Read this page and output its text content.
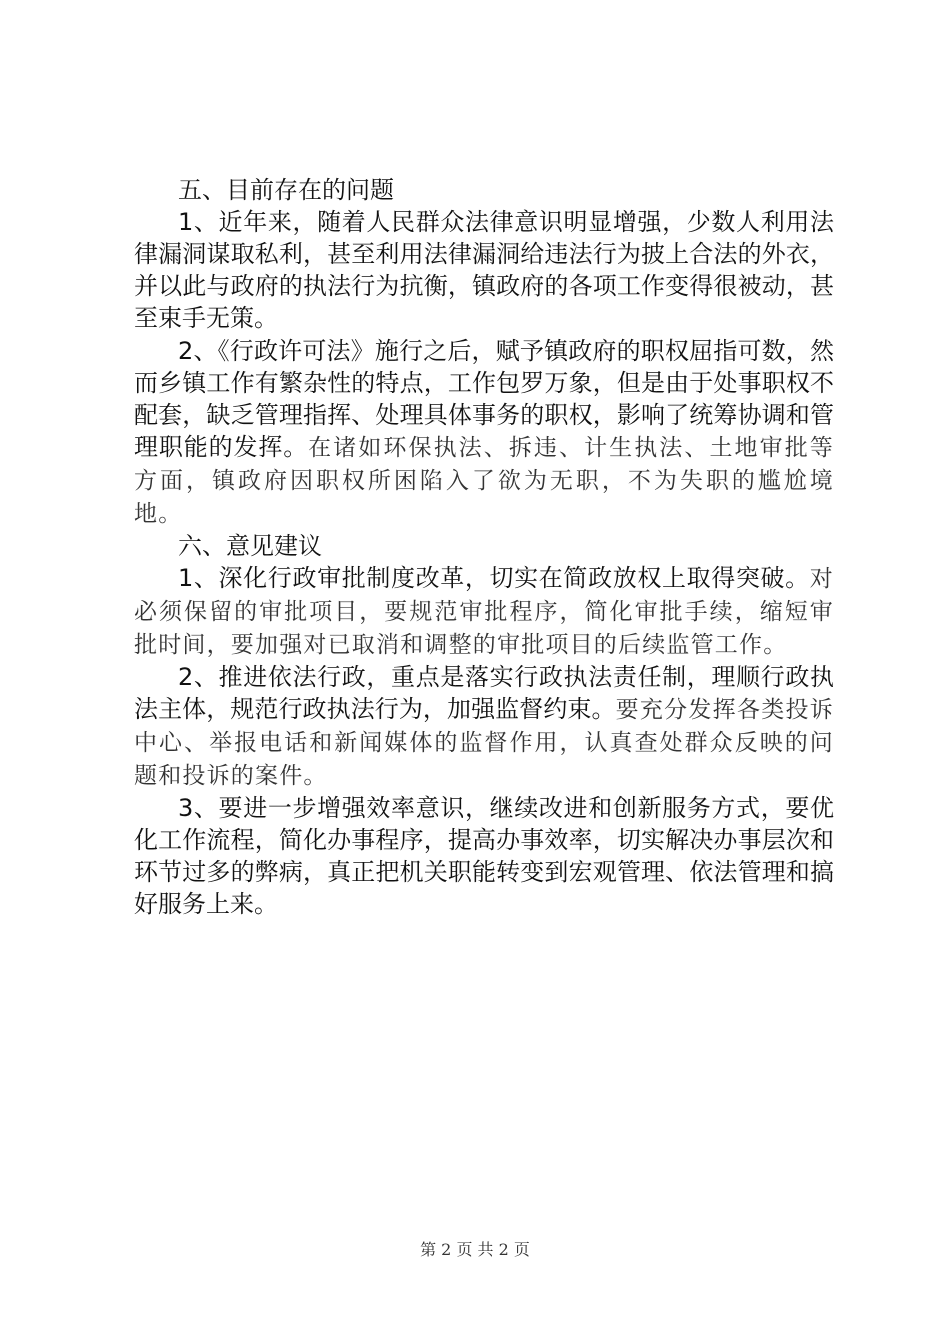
五、目前存在的问题

1、近年来，随着人民群众法律意识明显增强，少数人利用法律漏洞谋取私利，甚至利用法律漏洞给违法行为披上合法的外衣，并以此与政府的执法行为抗衡，镇政府的各项工作变得很被动，甚至束手无策。

2、《行政许可法》施行之后，赋予镇政府的职权屈指可数，然而乡镇工作有繁杂性的特点，工作包罗万象，但是由于处事职权不配套，缺乏管理指挥、处理具体事务的职权，影响了统筹协调和管理职能的发挥。在诸如环保执法、拆违、计生执法、土地审批等方面，镇政府因职权所困陷入了欲为无职，不为失职的尴尬境地。

六、意见建议

1、深化行政审批制度改革，切实在简政放权上取得突破。对必须保留的审批项目，要规范审批程序，简化审批手续，缩短审批时间，要加强对已取消和调整的审批项目的后续监管工作。

2、推进依法行政，重点是落实行政执法责任制，理顺行政执法主体，规范行政执法行为，加强监督约束。要充分发挥各类投诉中心、举报电话和新闻媒体的监督作用，认真查处群众反映的问题和投诉的案件。

3、要进一步增强效率意识，继续改进和创新服务方式，要优化工作流程，简化办事程序，提高办事效率，切实解决办事层次和环节过多的弊病，真正把机关职能转变到宏观管理、依法管理和搞好服务上来。

第 2 页 共 2 页
